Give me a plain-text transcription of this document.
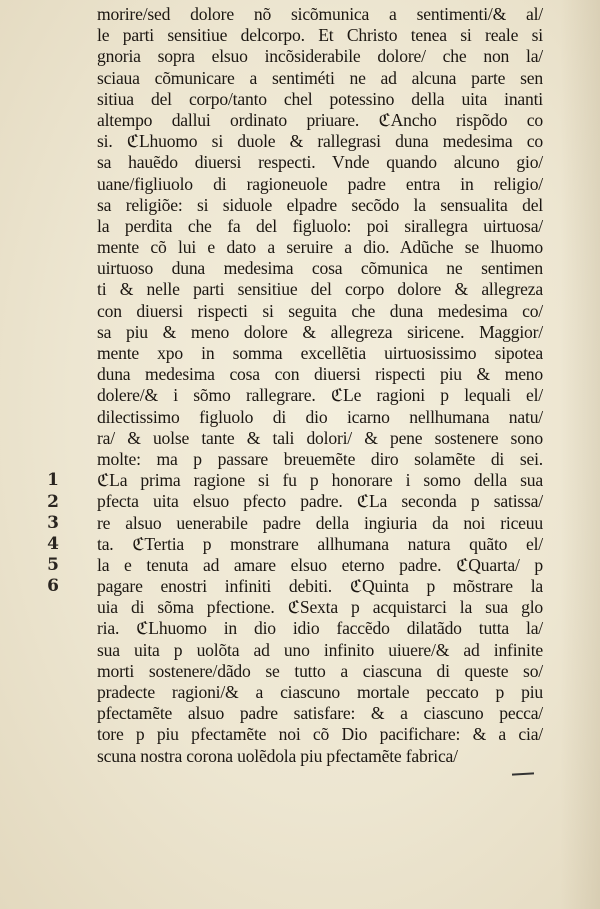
morire/sed dolore nõ sicõmunica a sentimenti/& al/
le parti sensitiue delcorpo. Et Christo tenea si reale si
gnoria sopra elsuo incõsiderabile dolore/ che non la/
sciaua cõmunicare a sentiméti ne ad alcuna parte sen
sitiua del corpo/tanto chel potessino della uita inanti
altempo dallui ordinato priuare. ℭAncho rispõdo co
si. ℭLhuomo si duole & rallegrasi duna medesima co
sa hauẽdo diuersi respecti. Vnde quando alcuno gio/
uane/figliuolo di ragioneuole padre entra in religio/
sa religiõe: si siduole elpadre secõdo la sensualita del
la perdita che fa del figluolo: poi sirallegra uirtuosa/
mente cõ lui e dato a seruire a dio. Adũche se lhuomo
uirtuoso duna medesima cosa cõmunica ne sentimen
ti & nelle parti sensitiue del corpo dolore & allegreza
con diuersi rispecti si seguita che duna medesima co/
sa piu & meno dolore & allegreza siricene. Maggior/
mente xpo in somma excellẽtia uirtuosissimo sipotea
duna medesima cosa con diuersi rispecti piu & meno
dolere/& i sõmo rallegrare. ℭLe ragioni p lequali el/
dilectissimo figluolo di dio icarno nellhumana natu/
ra/ & uolse tante & tali dolori/ & pene sostenere sono
molte: ma p passare breuemẽte diro solamẽte di sei.
ℭLa prima ragione si fu p honorare i somo della sua
pfecta uita elsuo pfecto padre. ℭLa seconda p satissa/
re alsuo uenerabile padre della ingiuria da noi riceuu
ta. ℭTertia p monstrare allhumana natura quãto el/
la e tenuta ad amare elsuo eterno padre. ℭQuarta/ p
pagare enostri infiniti debiti. ℭQuinta p mõstrare la
uia di sõma pfectione. ℭSexta p acquistarci la sua glo
ria. ℭLhuomo in dio idio faccẽdo dilatãdo tutta la/
sua uita p uolõta ad uno infinito uiuere/& ad infinite
morti sostenere/dãdo se tutto a ciascuna di queste so/
pradecte ragioni/& a ciascuno mortale peccato p piu
pfectamẽte alsuo padre satisfare: & a ciascuno pecca/
tore p piu pfectamẽte noi cõ Dio pacifichare: & a cia/
scuna nostra corona uolẽdola piu pfectamẽte fabrica/
1
2
3
4
5
6
